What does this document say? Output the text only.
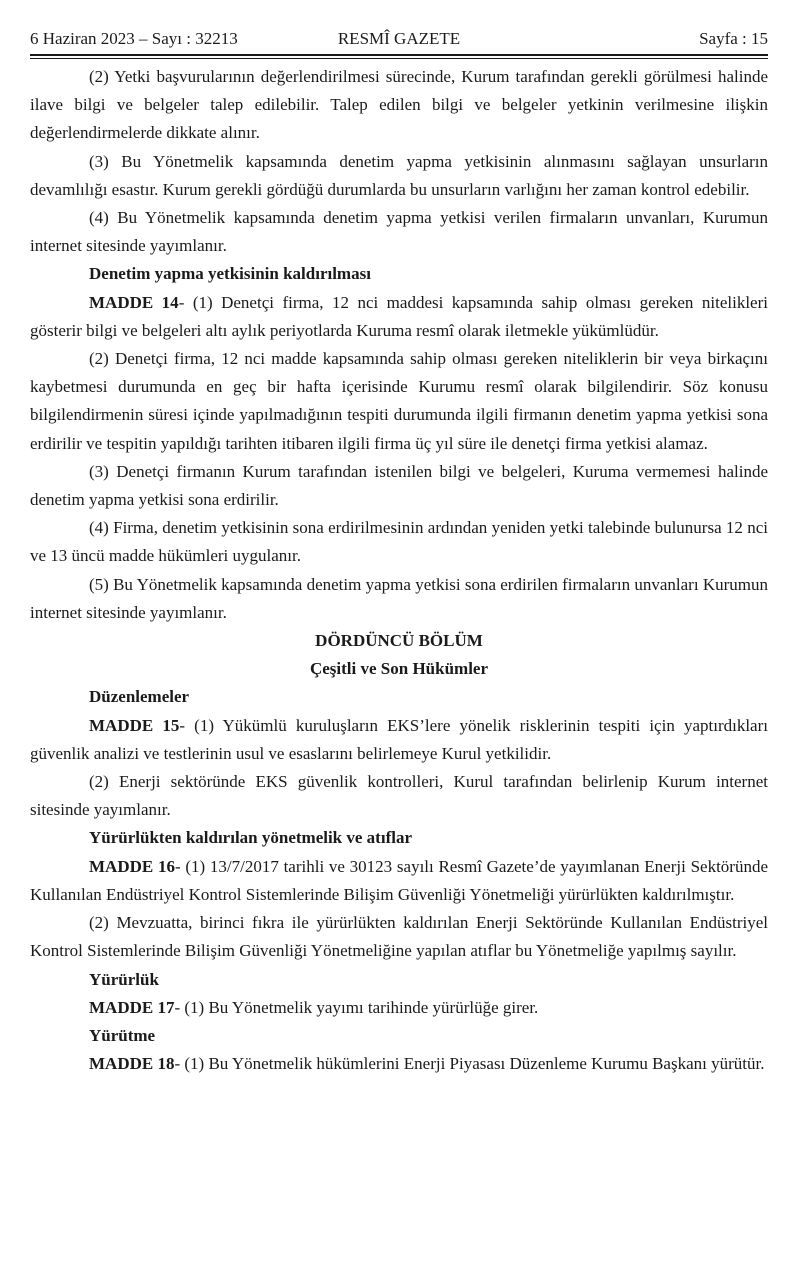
6 Haziran 2023 – Sayı : 32213	RESMÎ GAZETE	Sayfa : 15

(2) Yetki başvurularının değerlendirilmesi sürecinde, Kurum tarafından gerekli görülmesi halinde ilave bilgi ve belgeler talep edilebilir. Talep edilen bilgi ve belgeler yetkinin verilmesine ilişkin değerlendirmelerde dikkate alınır.

(3) Bu Yönetmelik kapsamında denetim yapma yetkisinin alınmasını sağlayan unsurların devamlılığı esastır. Kurum gerekli gördüğü durumlarda bu unsurların varlığını her zaman kontrol edebilir.

(4) Bu Yönetmelik kapsamında denetim yapma yetkisi verilen firmaların unvanları, Kurumun internet sitesinde yayımlanır.

Denetim yapma yetkisinin kaldırılması

MADDE 14- (1) Denetçi firma, 12 nci maddesi kapsamında sahip olması gereken nitelikleri gösterir bilgi ve belgeleri altı aylık periyotlarda Kuruma resmî olarak iletmekle yükümlüdür.

(2) Denetçi firma, 12 nci madde kapsamında sahip olması gereken niteliklerin bir veya birkaçını kaybetmesi durumunda en geç bir hafta içerisinde Kurumu resmî olarak bilgilendirir. Söz konusu bilgilendirmenin süresi içinde yapılmadığının tespiti durumunda ilgili firmanın denetim yapma yetkisi sona erdirilir ve tespitin yapıldığı tarihten itibaren ilgili firma üç yıl süre ile denetçi firma yetkisi alamaz.

(3) Denetçi firmanın Kurum tarafından istenilen bilgi ve belgeleri, Kuruma vermemesi halinde denetim yapma yetkisi sona erdirilir.

(4) Firma, denetim yetkisinin sona erdirilmesinin ardından yeniden yetki talebinde bulunursa 12 nci ve 13 üncü madde hükümleri uygulanır.

(5) Bu Yönetmelik kapsamında denetim yapma yetkisi sona erdirilen firmaların unvanları Kurumun internet sitesinde yayımlanır.

DÖRDÜNCÜ BÖLÜM

Çeşitli ve Son Hükümler

Düzenlemeler

MADDE 15- (1) Yükümlü kuruluşların EKS’lere yönelik risklerinin tespiti için yaptırdıkları güvenlik analizi ve testlerinin usul ve esaslarını belirlemeye Kurul yetkilidir.

(2) Enerji sektöründe EKS güvenlik kontrolleri, Kurul tarafından belirlenip Kurum internet sitesinde yayımlanır.

Yürürlükten kaldırılan yönetmelik ve atıflar

MADDE 16- (1) 13/7/2017 tarihli ve 30123 sayılı Resmî Gazete’de yayımlanan Enerji Sektöründe Kullanılan Endüstriyel Kontrol Sistemlerinde Bilişim Güvenliği Yönetmeliği yürürlükten kaldırılmıştır.

(2) Mevzuatta, birinci fıkra ile yürürlükten kaldırılan Enerji Sektöründe Kullanılan Endüstriyel Kontrol Sistemlerinde Bilişim Güvenliği Yönetmeliğine yapılan atıflar bu Yönetmeliğe yapılmış sayılır.

Yürürlük

MADDE 17- (1) Bu Yönetmelik yayımı tarihinde yürürlüğe girer.

Yürütme

MADDE 18- (1) Bu Yönetmelik hükümlerini Enerji Piyasası Düzenleme Kurumu Başkanı yürütür.
